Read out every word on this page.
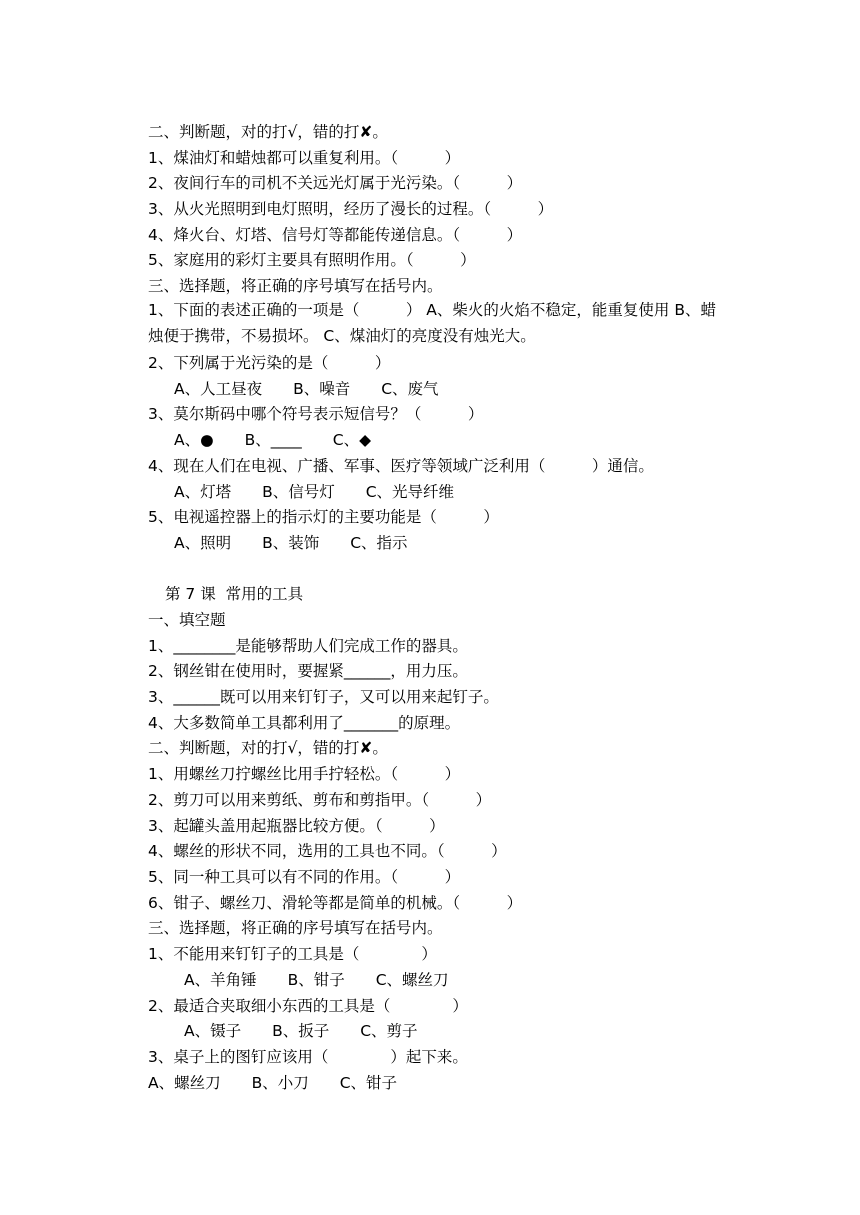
二、判断题，对的打√，错的打✘。
1、煤油灯和蜡烛都可以重复利用。（　　　）
2、夜间行车的司机不关远光灯属于光污染。（　　　）
3、从火光照明到电灯照明，经历了漫长的过程。（　　　）
4、烽火台、灯塔、信号灯等都能传递信息。（　　　）
5、家庭用的彩灯主要具有照明作用。（　　　）
三、选择题，将正确的序号填写在括号内。
1、下面的表述正确的一项是（　　　） A、柴火的火焰不稳定，能重复使用 B、蜡烛便于携带，不易损坏。 C、煤油灯的亮度没有烛光大。
2、下列属于光污染的是（　　　）
A、人工昼夜　　B、噪音　　C、废气
3、莫尔斯码中哪个符号表示短信号？（　　　）
A、●　　B、____　　C、◆
4、现在人们在电视、广播、军事、医疗等领域广泛利用（　　　）通信。
A、灯塔　　B、信号灯　　C、光导纤维
5、电视遥控器上的指示灯的主要功能是（　　　）
A、照明　　B、装饰　　C、指示
第 7 课  常用的工具
一、填空题
1、________是能够帮助人们完成工作的器具。
2、钢丝钳在使用时，要握紧______，用力压。
3、______既可以用来钉钉子，又可以用来起钉子。
4、大多数简单工具都利用了_______的原理。
二、判断题，对的打√，错的打✘。
1、用螺丝刀拧螺丝比用手拧轻松。（　　　）
2、剪刀可以用来剪纸、剪布和剪指甲。（　　　）
3、起罐头盖用起瓶器比较方便。（　　　）
4、螺丝的形状不同，选用的工具也不同。（　　　）
5、同一种工具可以有不同的作用。（　　　）
6、钳子、螺丝刀、滑轮等都是简单的机械。（　　　）
三、选择题，将正确的序号填写在括号内。
1、不能用来钉钉子的工具是（　　　　）
A、羊角锤　　B、钳子　　C、螺丝刀
2、最适合夹取细小东西的工具是（　　　　）
A、镊子　　B、扳子　　C、剪子
3、桌子上的图钉应该用（　　　　）起下来。
A、螺丝刀　　B、小刀　　C、钳子
